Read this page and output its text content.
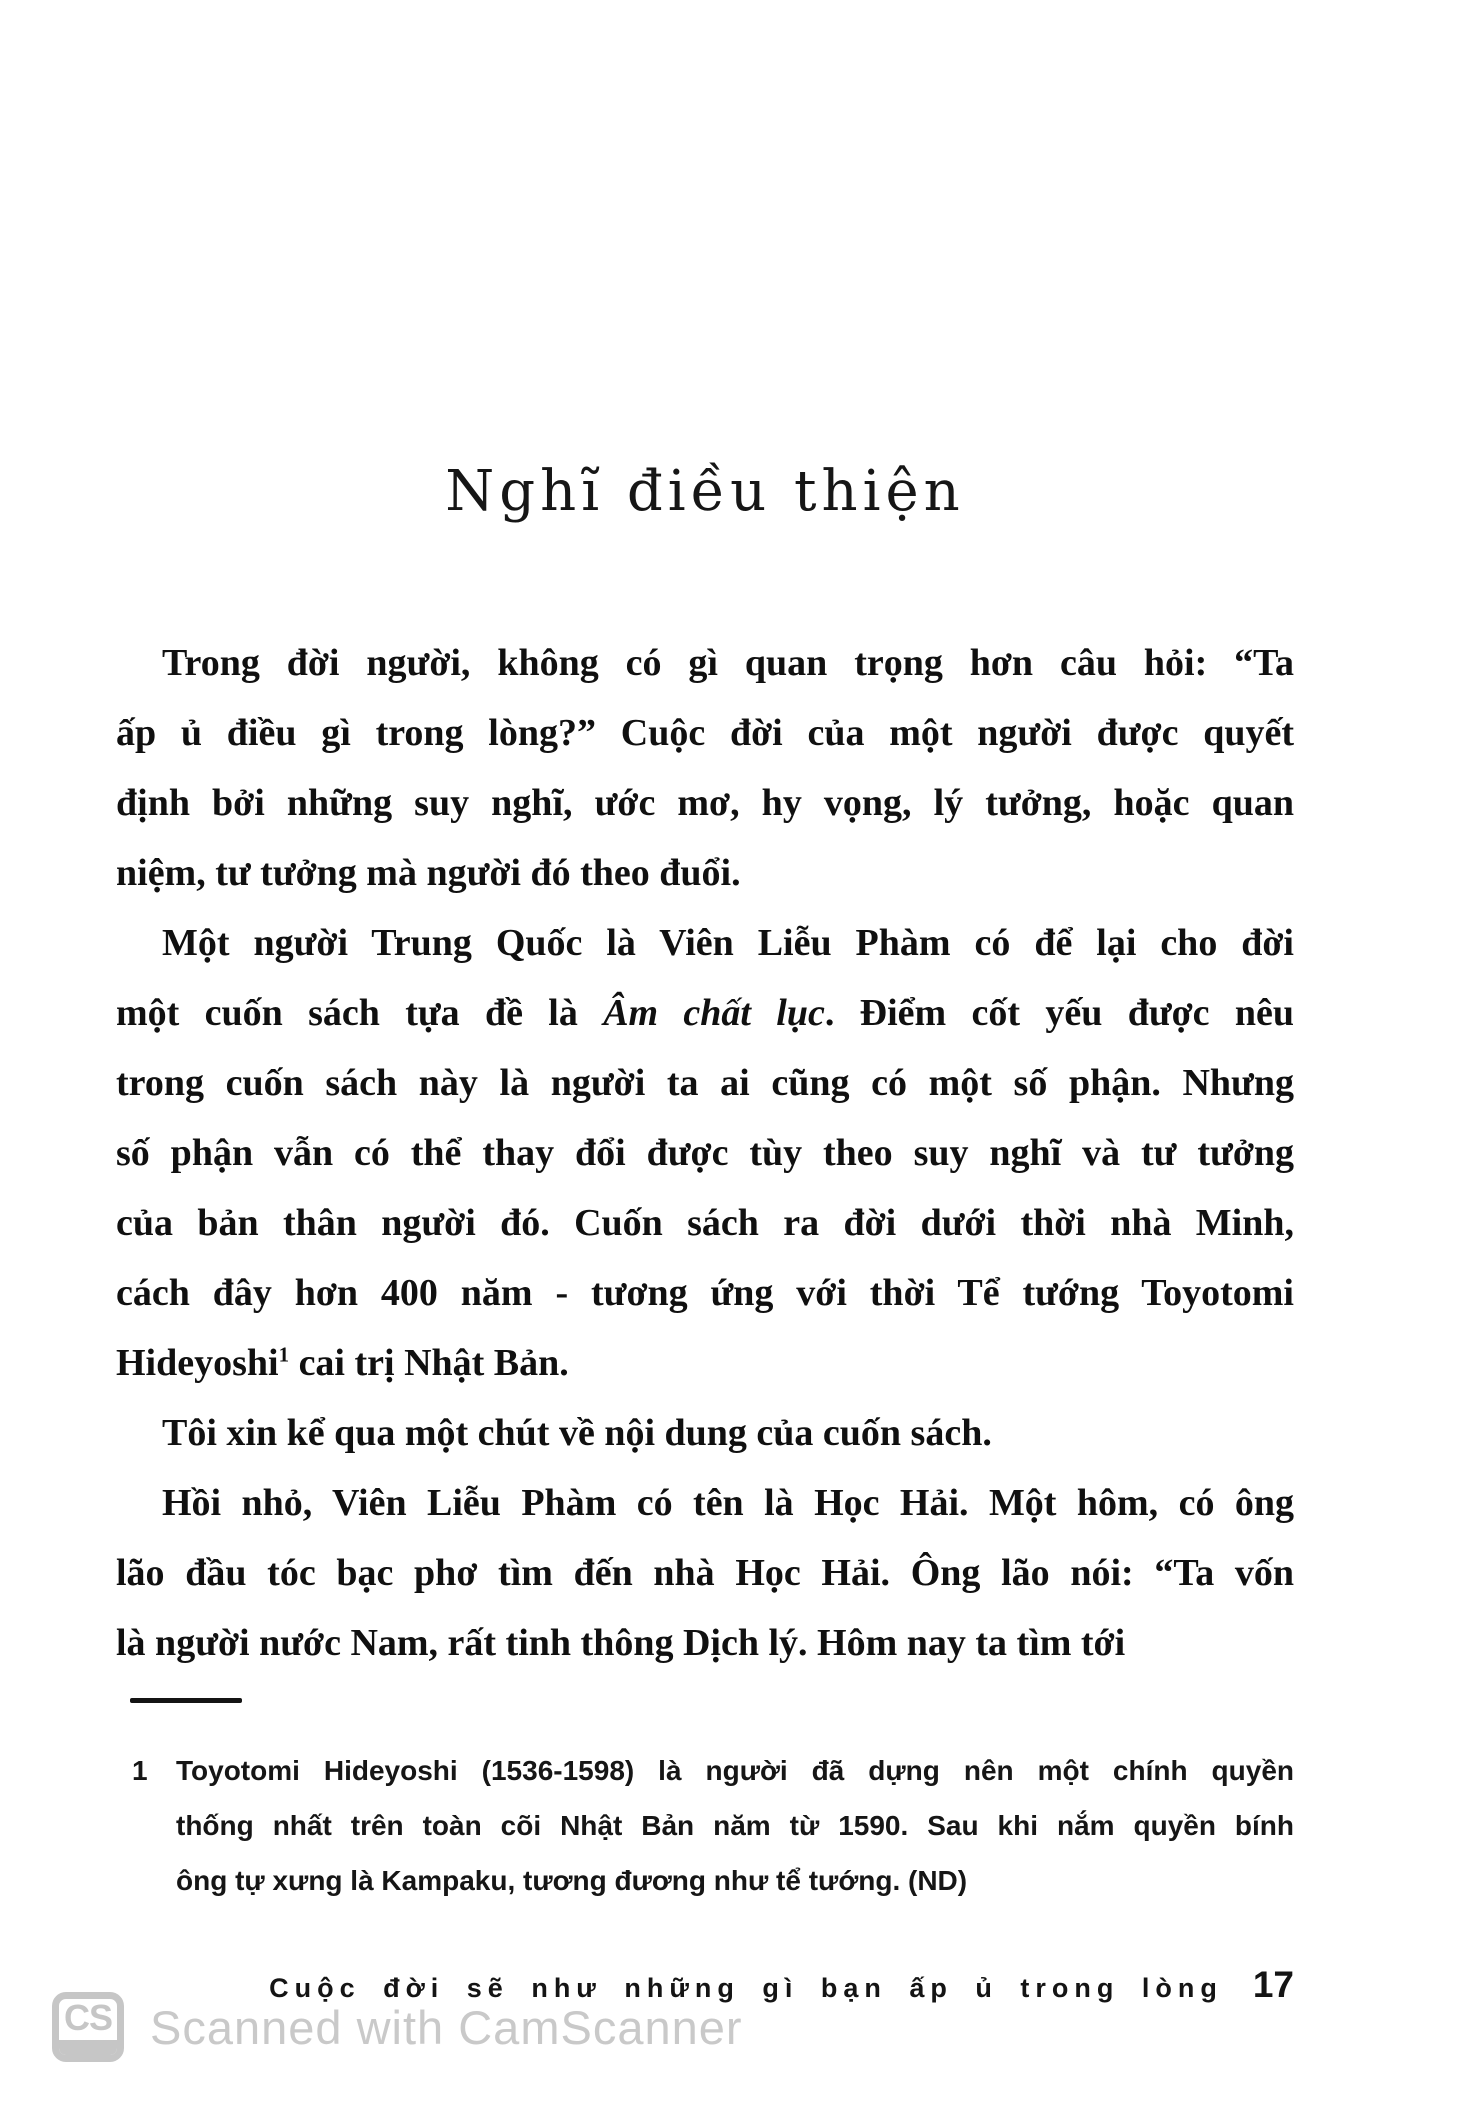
Nghĩ điều thiện
Trong đời người, không có gì quan trọng hơn câu hỏi: “Ta
ấp ủ điều gì trong lòng?” Cuộc đời của một người được quyết
định bởi những suy nghĩ, ước mơ, hy vọng, lý tưởng, hoặc quan
niệm, tư tưởng mà người đó theo đuổi.
Một người Trung Quốc là Viên Liễu Phàm có để lại cho đời
một cuốn sách tựa đề là Âm chất lục. Điểm cốt yếu được nêu
trong cuốn sách này là người ta ai cũng có một số phận. Nhưng
số phận vẫn có thể thay đổi được tùy theo suy nghĩ và tư tưởng
của bản thân người đó. Cuốn sách ra đời dưới thời nhà Minh,
cách đây hơn 400 năm - tương ứng với thời Tể tướng Toyotomi
Hideyoshi$^1$ cai trị Nhật Bản.
Tôi xin kể qua một chút về nội dung của cuốn sách.
Hồi nhỏ, Viên Liễu Phàm có tên là Học Hải. Một hôm, có ông
lão đầu tóc bạc phơ tìm đến nhà Học Hải. Ông lão nói: “Ta vốn
là người nước Nam, rất tinh thông Dịch lý. Hôm nay ta tìm tới
1 Toyotomi Hideyoshi (1536-1598) là người đã dựng nên một chính quyền
thống nhất trên toàn cõi Nhật Bản năm từ 1590. Sau khi nắm quyền bính
ông tự xưng là Kampaku, tương đương như tể tướng. (ND)
Cuộc đời sẽ như những gì bạn ấp ủ trong lòng 17
CS Scanned with CamScanner
